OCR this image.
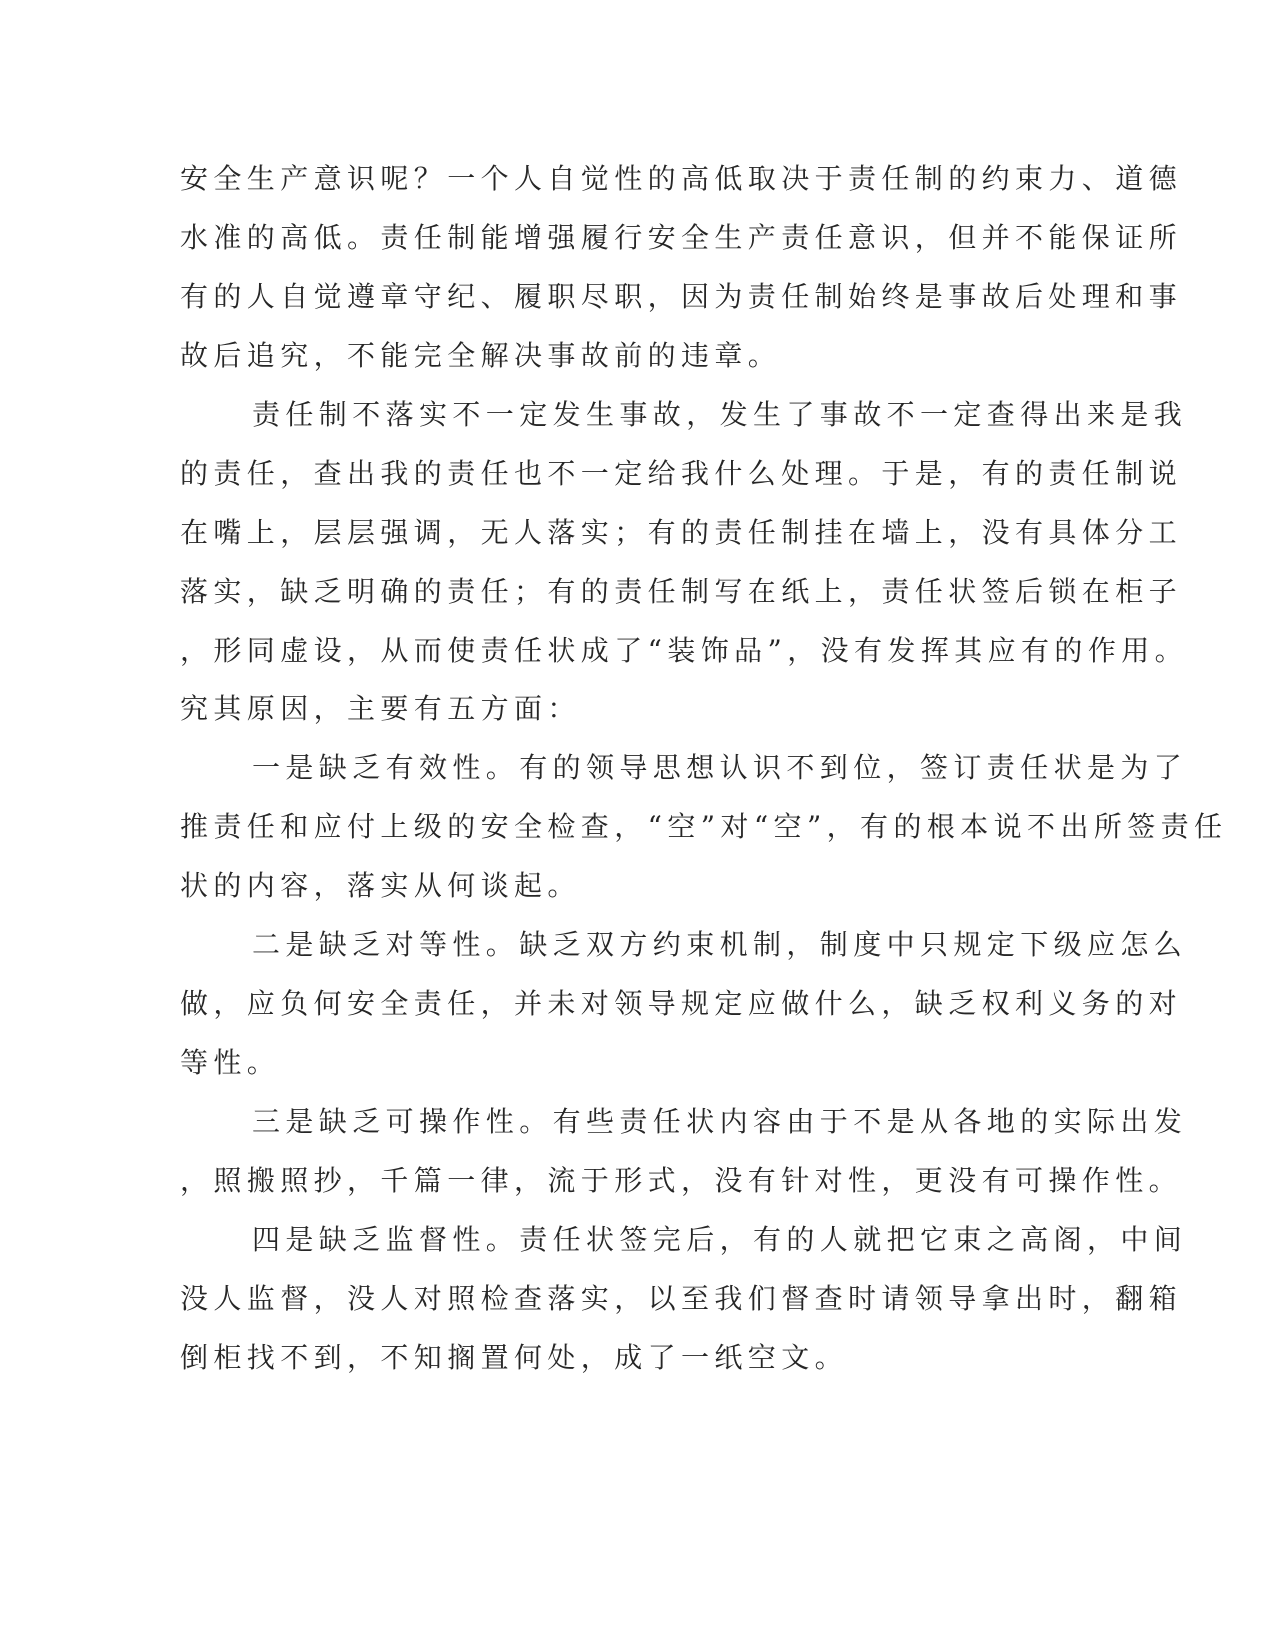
安全生产意识呢？一个人自觉性的高低取决于责任制的约束力、道德
水准的高低。责任制能增强履行安全生产责任意识，但并不能保证所
有的人自觉遵章守纪、履职尽职，因为责任制始终是事故后处理和事
故后追究，不能完全解决事故前的违章。
责任制不落实不一定发生事故，发生了事故不一定查得出来是我
的责任，查出我的责任也不一定给我什么处理。于是，有的责任制说
在嘴上，层层强调，无人落实；有的责任制挂在墙上，没有具体分工
落实，缺乏明确的责任；有的责任制写在纸上，责任状签后锁在柜子
，形同虚设，从而使责任状成了“装饰品”，没有发挥其应有的作用。
究其原因，主要有五方面：
一是缺乏有效性。有的领导思想认识不到位，签订责任状是为了
推责任和应付上级的安全检查，“空”对“空”，有的根本说不出所签责任
状的内容，落实从何谈起。
二是缺乏对等性。缺乏双方约束机制，制度中只规定下级应怎么
做，应负何安全责任，并未对领导规定应做什么，缺乏权利义务的对
等性。
三是缺乏可操作性。有些责任状内容由于不是从各地的实际出发
，照搬照抄，千篇一律，流于形式，没有针对性，更没有可操作性。
四是缺乏监督性。责任状签完后，有的人就把它束之高阁，中间
没人监督，没人对照检查落实，以至我们督查时请领导拿出时，翻箱
倒柜找不到，不知搁置何处，成了一纸空文。
